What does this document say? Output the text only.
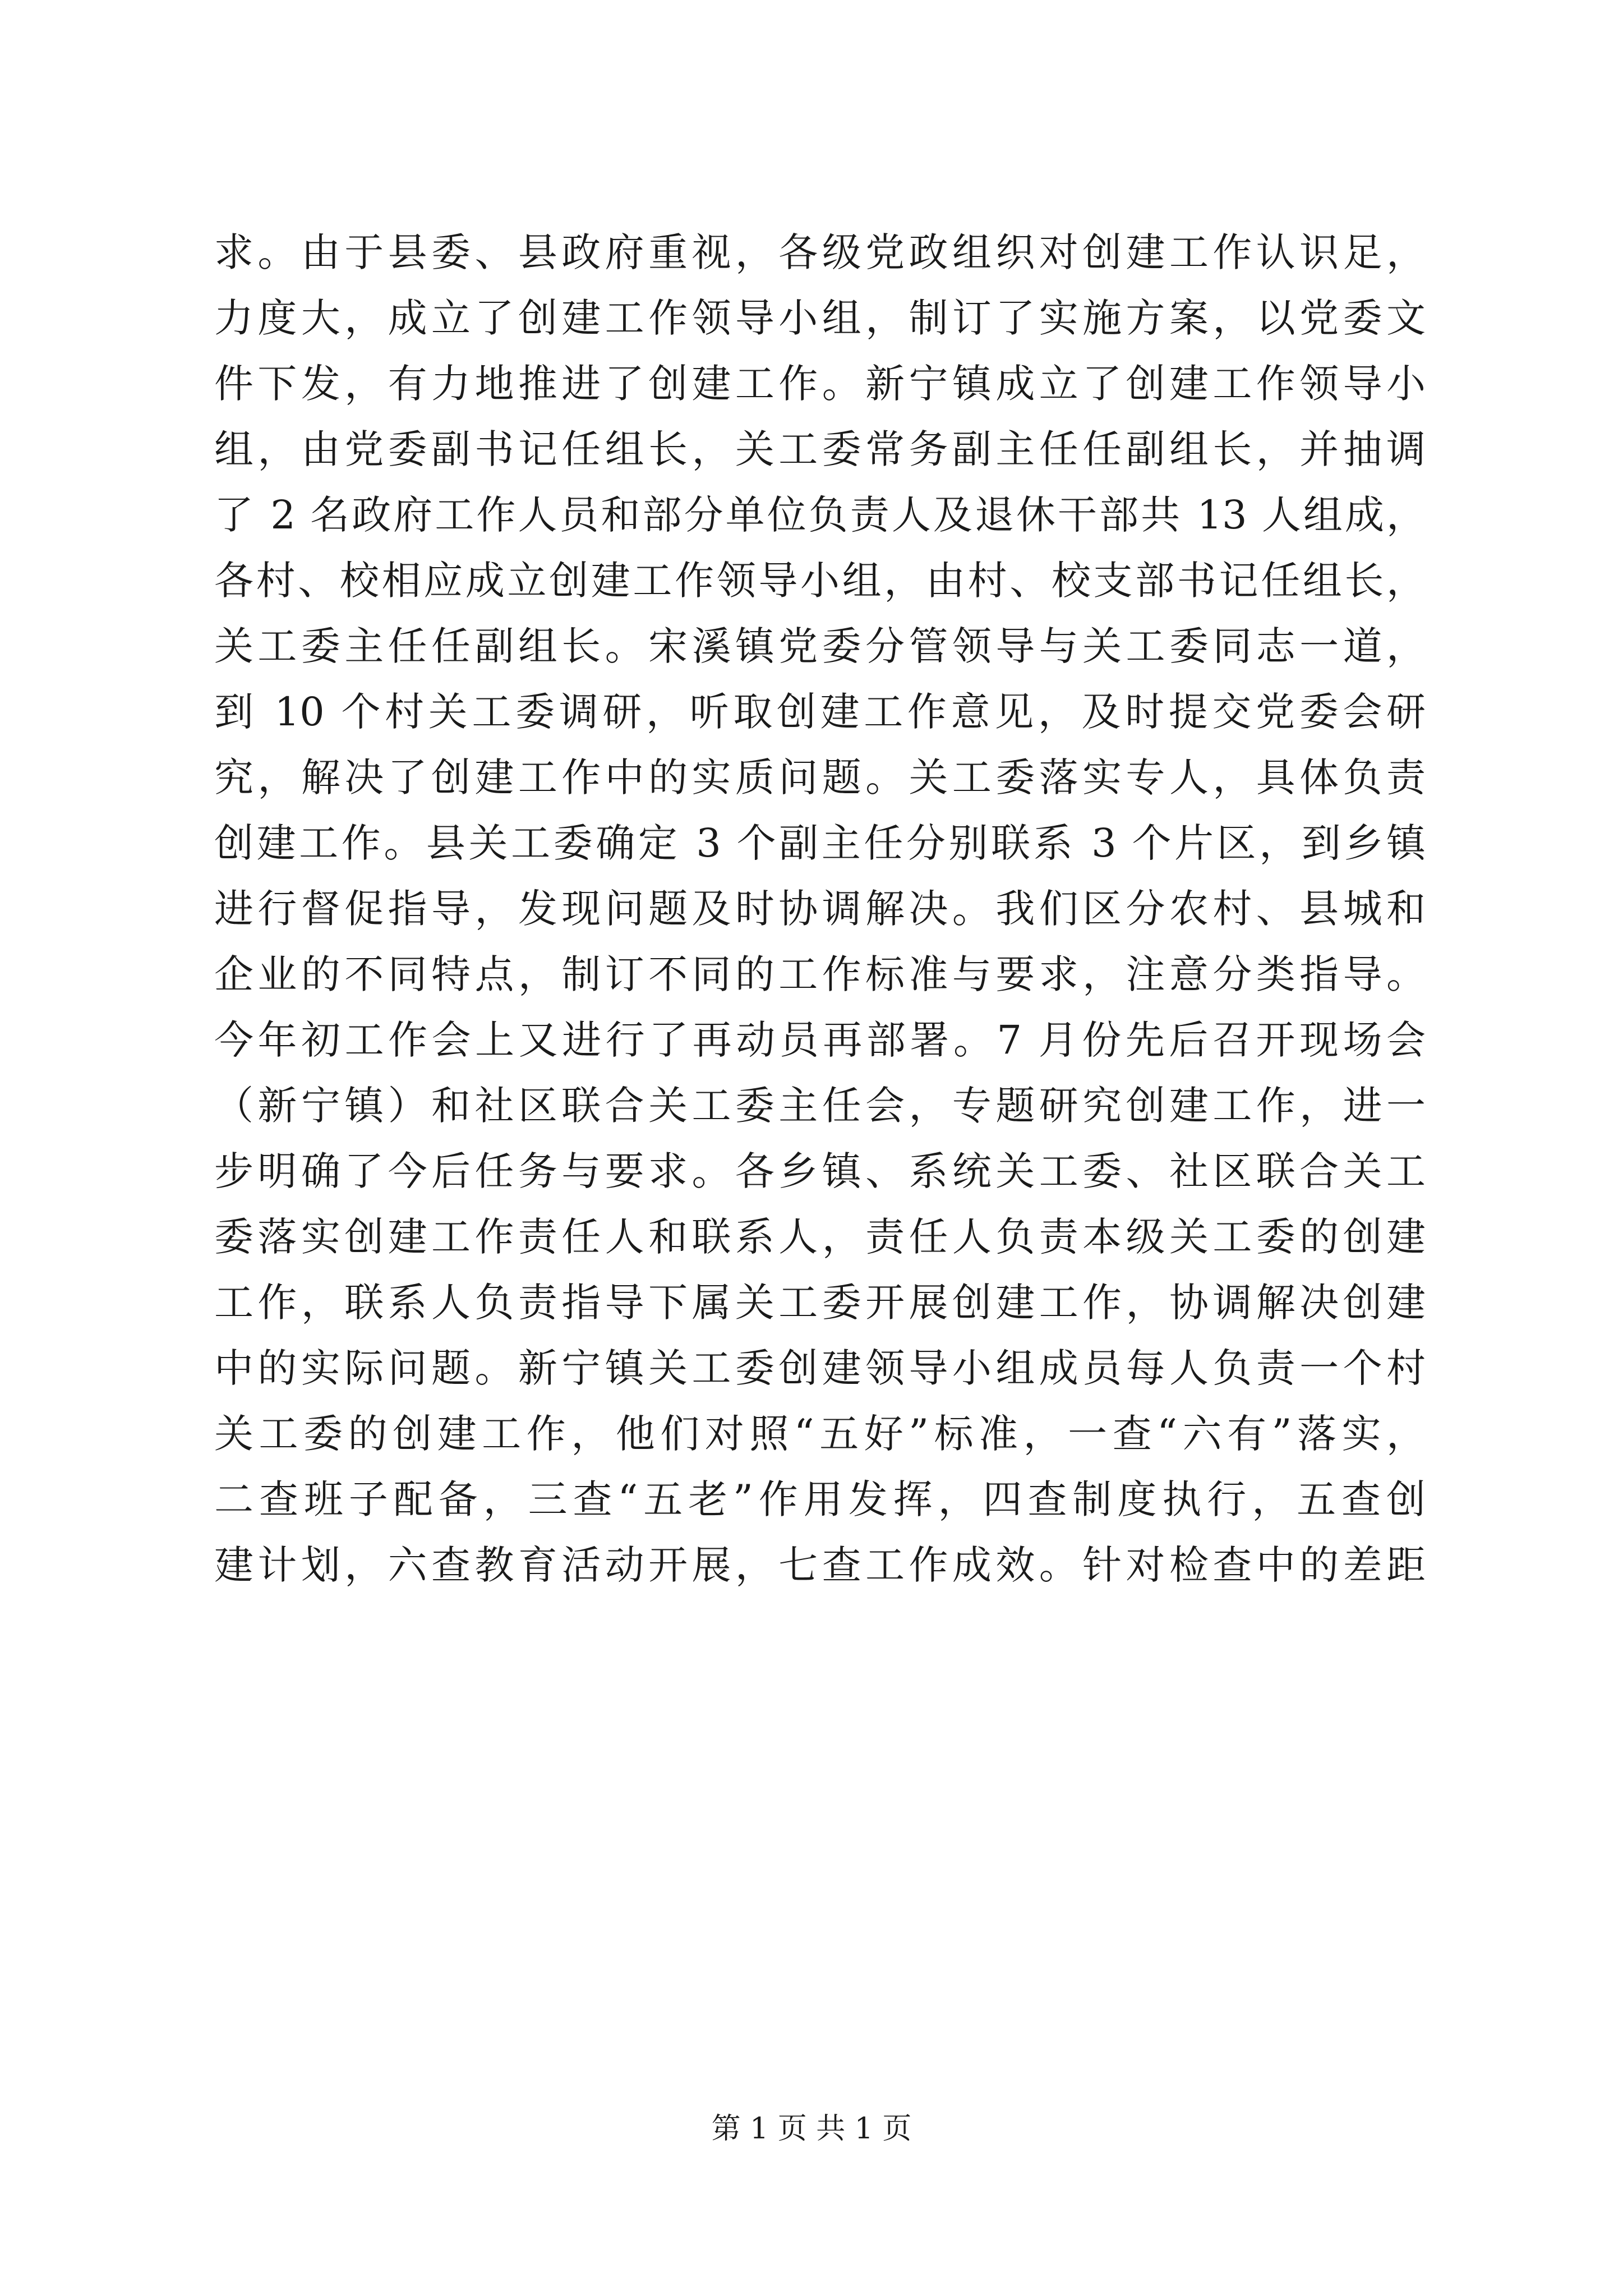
求。由于县委、县政府重视，各级党政组织对创建工作认识足，
力度大，成立了创建工作领导小组，制订了实施方案，以党委文
件下发，有力地推进了创建工作。新宁镇成立了创建工作领导小
组，由党委副书记任组长，关工委常务副主任任副组长，并抽调
了 2 名政府工作人员和部分单位负责人及退休干部共 13 人组成，
各村、校相应成立创建工作领导小组，由村、校支部书记任组长，
关工委主任任副组长。宋溪镇党委分管领导与关工委同志一道，
到 10 个村关工委调研，听取创建工作意见，及时提交党委会研
究，解决了创建工作中的实质问题。关工委落实专人，具体负责
创建工作。县关工委确定 3 个副主任分别联系 3 个片区，到乡镇
进行督促指导，发现问题及时协调解决。我们区分农村、县城和
企业的不同特点，制订不同的工作标准与要求，注意分类指导。
今年初工作会上又进行了再动员再部署。7 月份先后召开现场会
（新宁镇）和社区联合关工委主任会，专题研究创建工作，进一
步明确了今后任务与要求。各乡镇、系统关工委、社区联合关工
委落实创建工作责任人和联系人，责任人负责本级关工委的创建
工作，联系人负责指导下属关工委开展创建工作，协调解决创建
中的实际问题。新宁镇关工委创建领导小组成员每人负责一个村
关工委的创建工作，他们对照“五好”标准，一查“六有”落实，
二查班子配备，三查“五老”作用发挥，四查制度执行，五查创
建计划，六查教育活动开展，七查工作成效。针对检查中的差距
第 1 页 共 1 页
